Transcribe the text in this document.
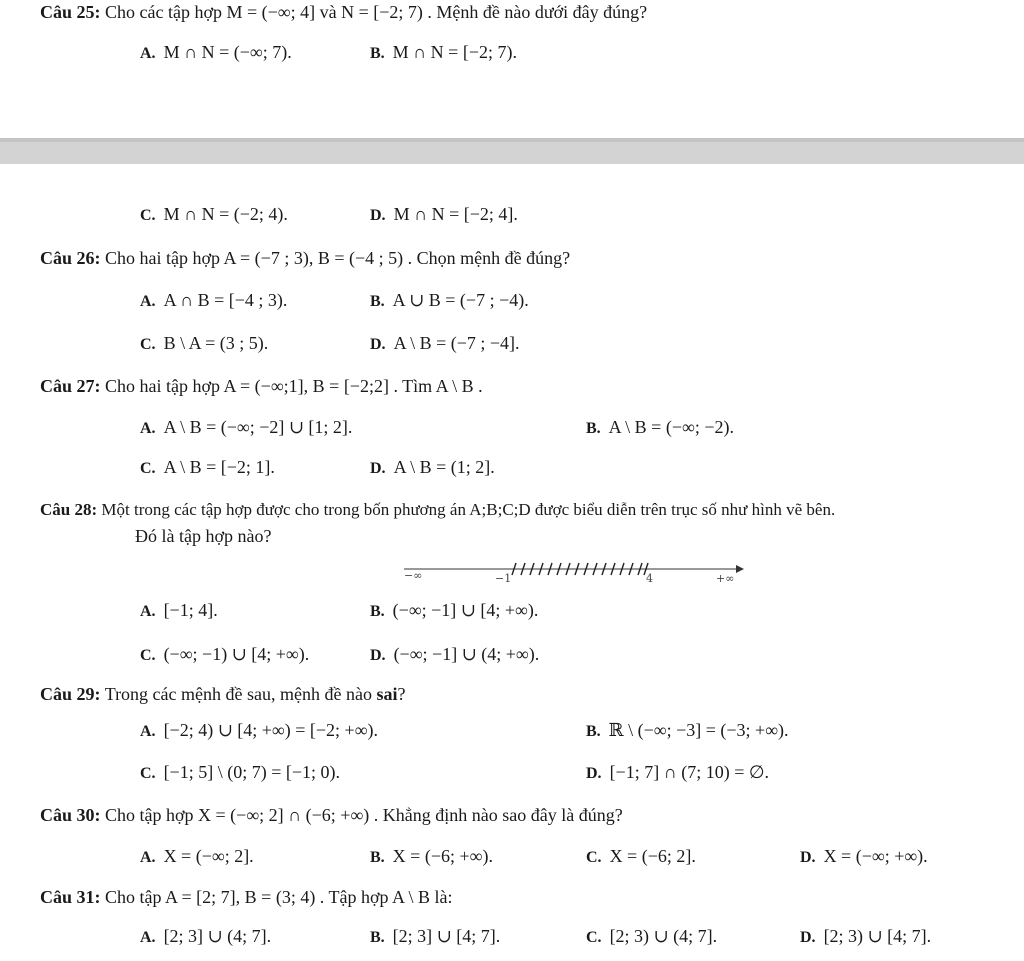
Câu 25: Cho các tập hợp M = (−∞; 4] và N = [−2; 7) . Mệnh đề nào dưới đây đúng?
A. M ∩ N = (−∞; 7).	B. M ∩ N = [−2; 7).
C. M ∩ N = (−2; 4).	D. M ∩ N = [−2; 4].
Câu 26: Cho hai tập hợp A = (−7 ; 3), B = (−4 ; 5) . Chọn mệnh đề đúng?
A. A ∩ B = [−4 ; 3).	B. A ∪ B = (−7 ; −4).
C. B \ A = (3 ; 5).	D. A \ B = (−7 ; −4].
Câu 27: Cho hai tập hợp A = (−∞;1], B = [−2;2] . Tìm A \ B .
A. A \ B = (−∞; −2] ∪ [1; 2].	B. A \ B = (−∞; −2).
C. A \ B = [−2; 1].	D. A \ B = (1; 2].
Câu 28: Một trong các tập hợp được cho trong bốn phương án A;B;C;D được biểu diễn trên trục số như hình vẽ bên.
Đó là tập hợp nào?
−∞	−1	4	+∞
A. [−1; 4].	B. (−∞; −1] ∪ [4; +∞).
C. (−∞; −1) ∪ [4; +∞).	D. (−∞; −1] ∪ (4; +∞).
Câu 29: Trong các mệnh đề sau, mệnh đề nào sai?
A. [−2; 4) ∪ [4; +∞) = [−2; +∞).	B. ℝ \ (−∞; −3] = (−3; +∞).
C. [−1; 5] \ (0; 7) = [−1; 0).	D. [−1; 7] ∩ (7; 10) = ∅.
Câu 30: Cho tập hợp X = (−∞; 2] ∩ (−6; +∞) . Khẳng định nào sao đây là đúng?
A. X = (−∞; 2].	B. X = (−6; +∞).	C. X = (−6; 2].	D. X = (−∞; +∞).
Câu 31: Cho tập A = [2; 7], B = (3; 4) . Tập hợp A \ B là:
A. [2; 3] ∪ (4; 7].	B. [2; 3] ∪ [4; 7].	C. [2; 3) ∪ (4; 7].	D. [2; 3) ∪ [4; 7].
